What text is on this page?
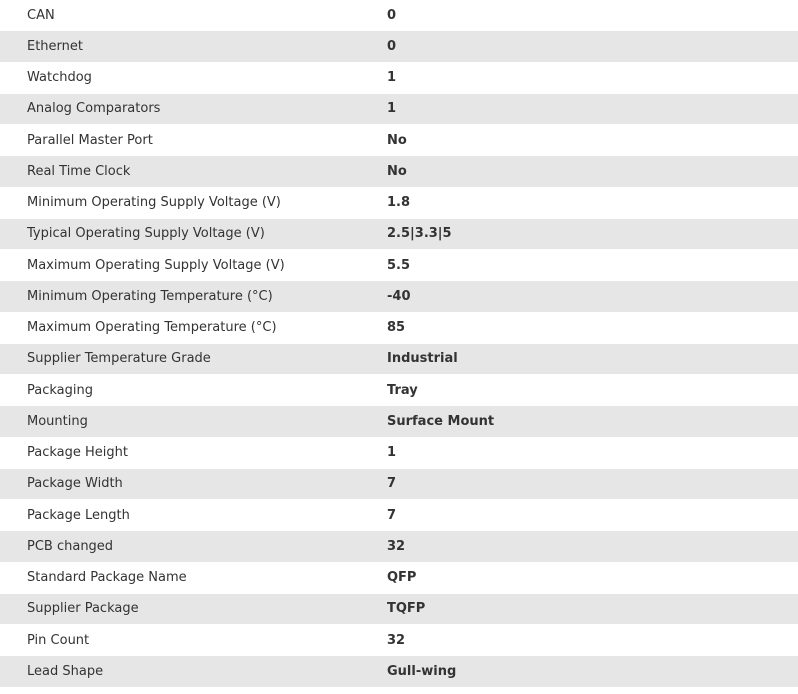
CAN	0
Ethernet	0
Watchdog	1
Analog Comparators	1
Parallel Master Port	No
Real Time Clock	No
Minimum Operating Supply Voltage (V)	1.8
Typical Operating Supply Voltage (V)	2.5|3.3|5
Maximum Operating Supply Voltage (V)	5.5
Minimum Operating Temperature (°C)	-40
Maximum Operating Temperature (°C)	85
Supplier Temperature Grade	Industrial
Packaging	Tray
Mounting	Surface Mount
Package Height	1
Package Width	7
Package Length	7
PCB changed	32
Standard Package Name	QFP
Supplier Package	TQFP
Pin Count	32
Lead Shape	Gull-wing
